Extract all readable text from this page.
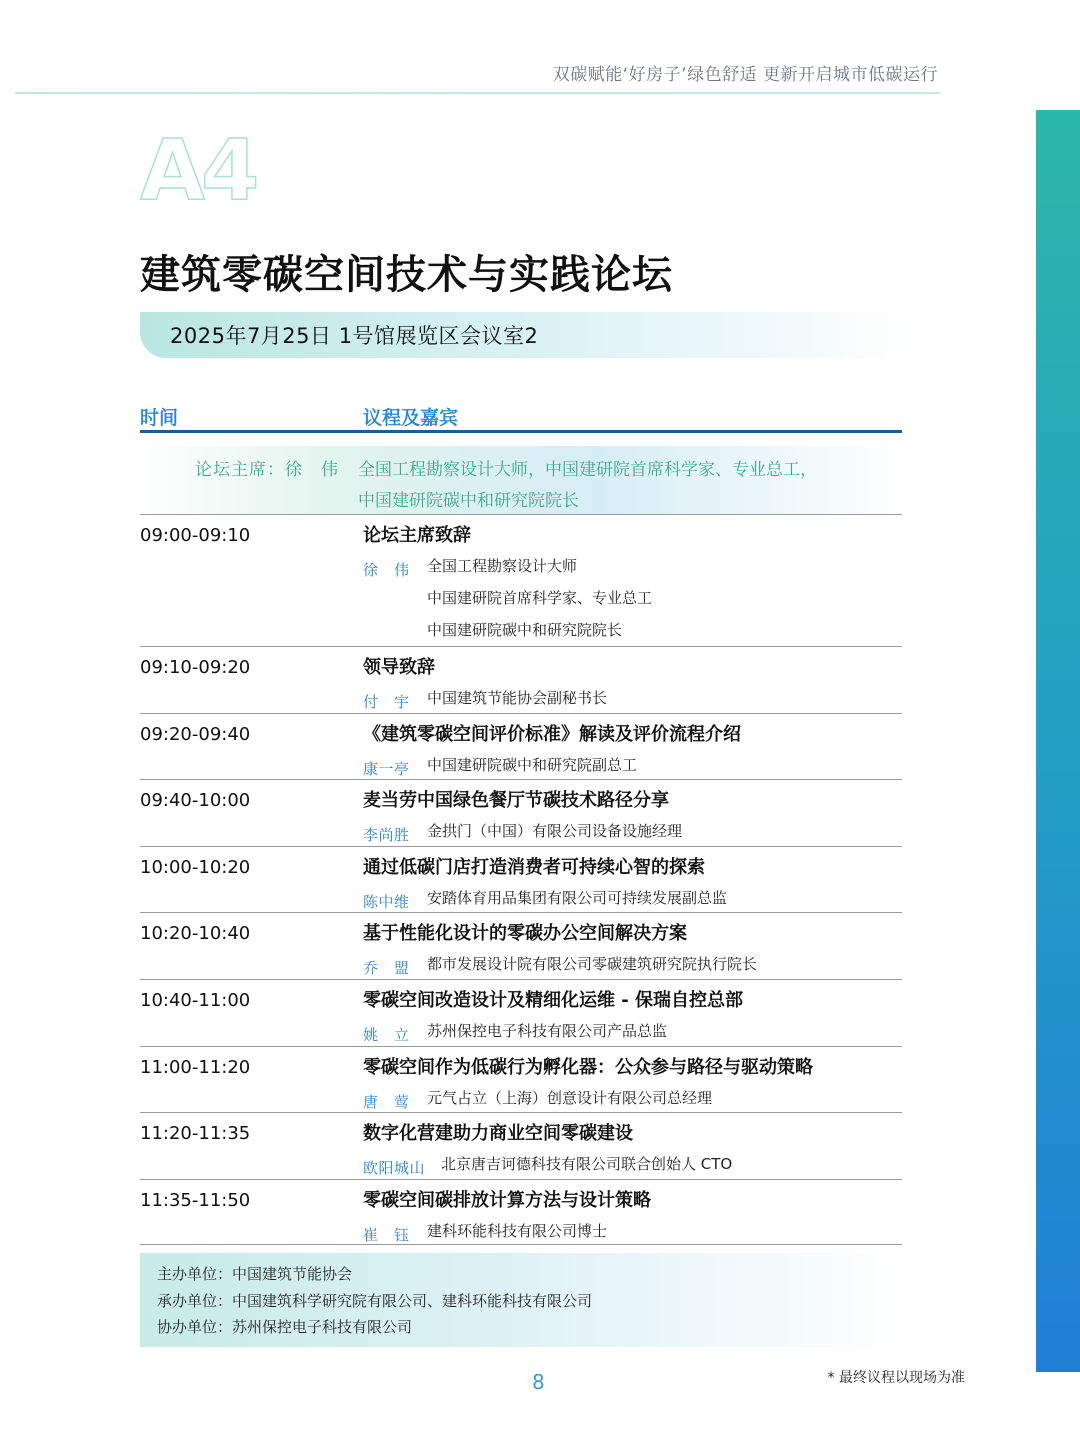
双碳赋能‘好房子’绿色舒适 更新开启城市低碳运行
A4
建筑零碳空间技术与实践论坛
2025年7月25日 1号馆展览区会议室2
时间	议程及嘉宾
论坛主席：徐　伟 全国工程勘察设计大师，中国建研院首席科学家、专业总工，
中国建研院碳中和研究院院长
09:00-09:10	论坛主席致辞
徐　伟	全国工程勘察设计大师
中国建研院首席科学家、专业总工
中国建研院碳中和研究院院长
09:10-09:20	领导致辞
付　宇	中国建筑节能协会副秘书长
09:20-09:40	《建筑零碳空间评价标准》解读及评价流程介绍
康一亭	中国建研院碳中和研究院副总工
09:40-10:00	麦当劳中国绿色餐厅节碳技术路径分享
李尚胜	金拱门（中国）有限公司设备设施经理
10:00-10:20	通过低碳门店打造消费者可持续心智的探索
陈中维	安踏体育用品集团有限公司可持续发展副总监
10:20-10:40	基于性能化设计的零碳办公空间解决方案
乔　盟	都市发展设计院有限公司零碳建筑研究院执行院长
10:40-11:00	零碳空间改造设计及精细化运维 - 保瑞自控总部
姚　立	苏州保控电子科技有限公司产品总监
11:00-11:20	零碳空间作为低碳行为孵化器：公众参与路径与驱动策略
唐　莺	元气占立（上海）创意设计有限公司总经理
11:20-11:35	数字化营建助力商业空间零碳建设
欧阳城山	北京唐吉诃德科技有限公司联合创始人 CTO
11:35-11:50	零碳空间碳排放计算方法与设计策略
崔　钰	建科环能科技有限公司博士
主办单位：中国建筑节能协会
承办单位：中国建筑科学研究院有限公司、建科环能科技有限公司
协办单位：苏州保控电子科技有限公司
8	* 最终议程以现场为准
